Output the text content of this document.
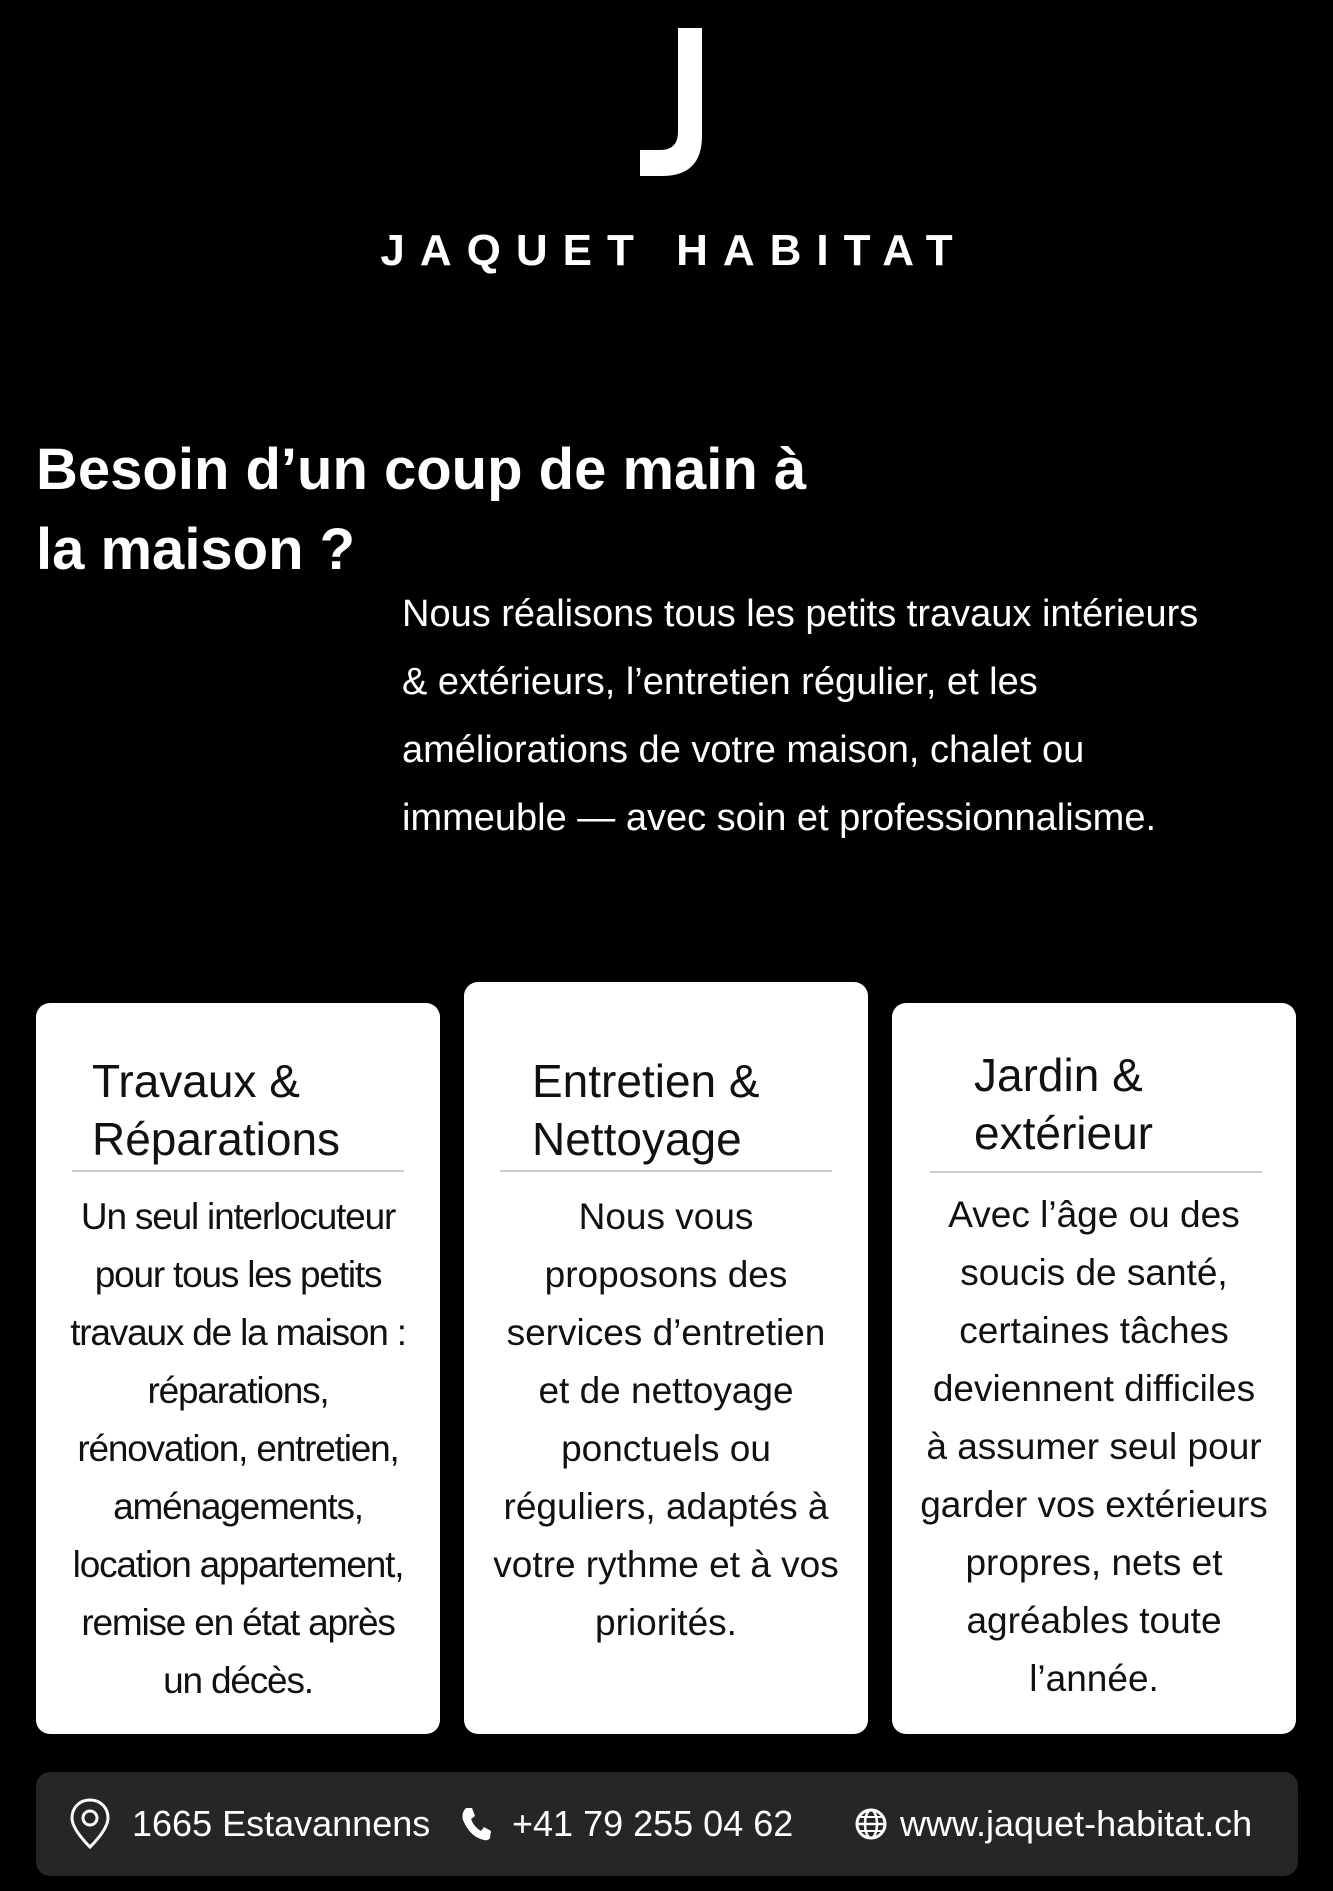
JAQUET HABITAT
Besoin d’un coup de main à
la maison ?
Nous réalisons tous les petits travaux intérieurs
& extérieurs, l’entretien régulier, et les
améliorations de votre maison, chalet ou
immeuble — avec soin et professionnalisme.
Travaux &
Réparations
Un seul interlocuteur
pour tous les petits
travaux de la maison :
réparations,
rénovation, entretien,
aménagements,
location appartement,
remise en état après
un décès.
Entretien &
Nettoyage
Nous vous
proposons des
services d’entretien
et de nettoyage
ponctuels ou
réguliers, adaptés à
votre rythme et à vos
priorités.
Jardin &
extérieur
Avec l’âge ou des
soucis de santé,
certaines tâches
deviennent difficiles
à assumer seul pour
garder vos extérieurs
propres, nets et
agréables toute
l’année.
1665 Estavannens +41 79 255 04 62	www.jaquet-habitat.ch
